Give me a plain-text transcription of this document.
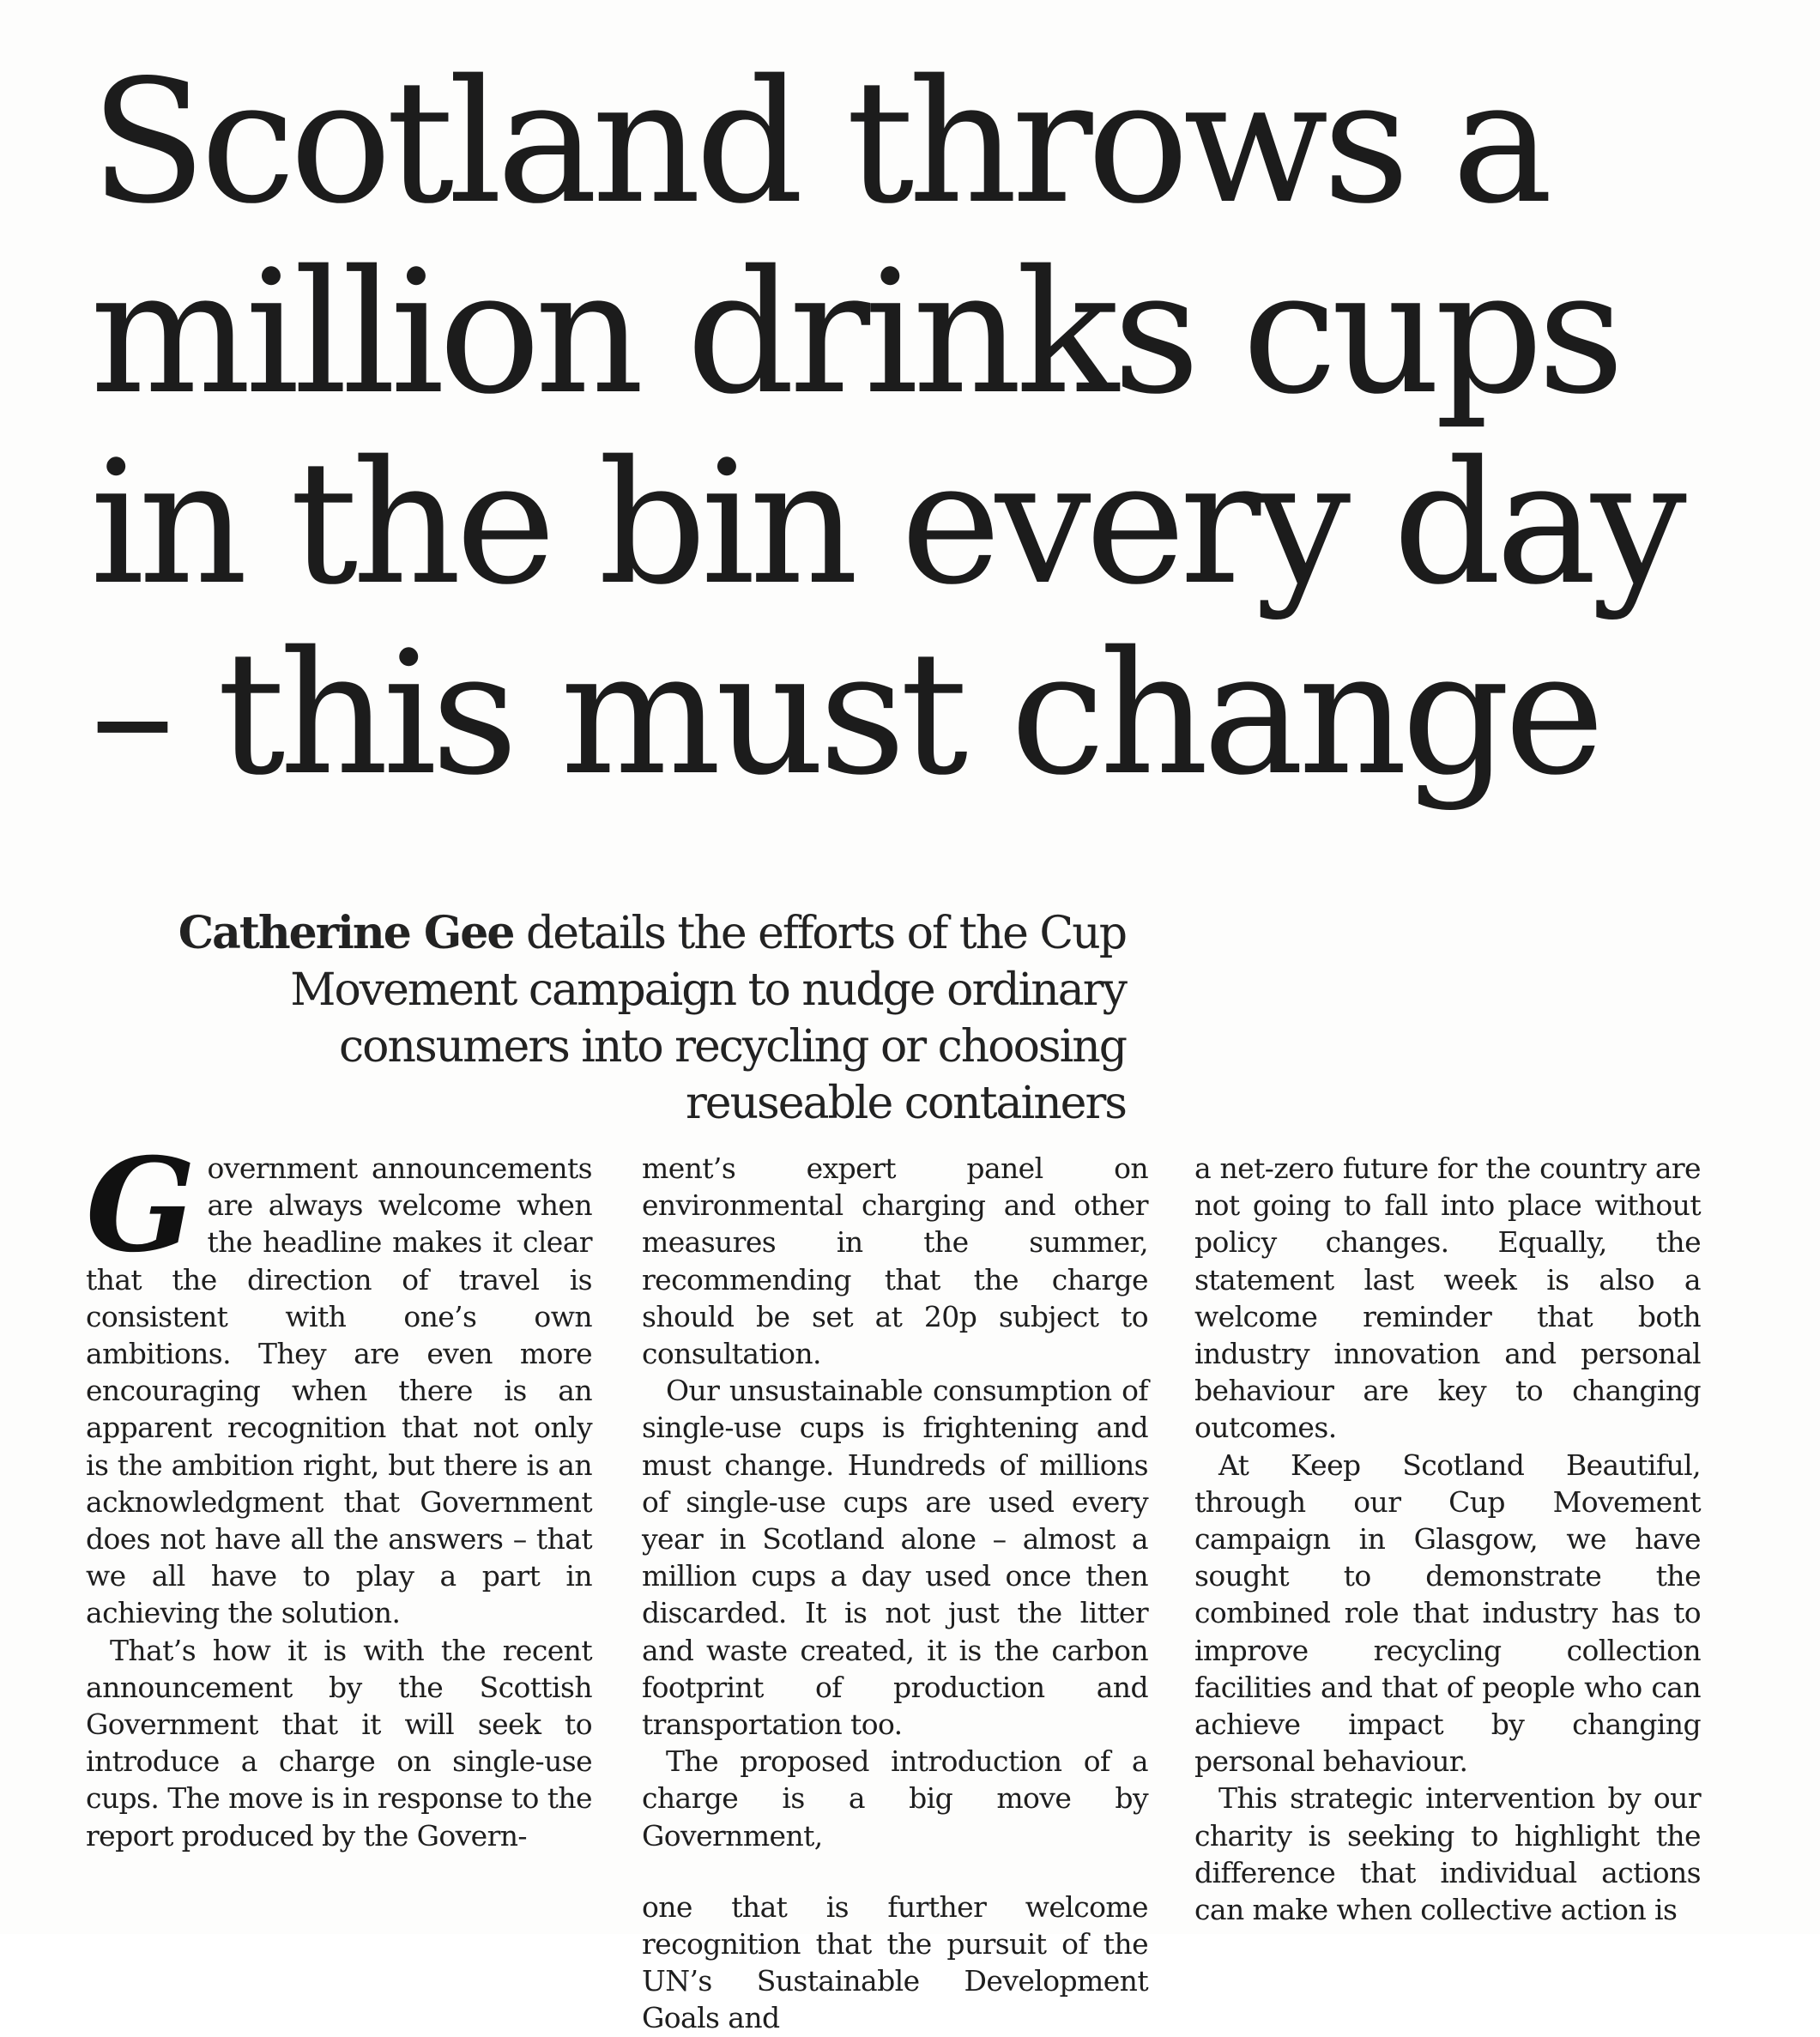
Scotland throws a
million drinks cups
in the bin every day
– this must change
Catherine Gee details the efforts of the Cup Movement campaign to nudge ordinary consumers into recycling or choosing reuseable containers
G overnment announcements are always welcome when the headline makes it clear that the direction of travel is consistent with one’s own ambitions. They are even more encouraging when there is an apparent recognition that not only is the ambition right, but there is an acknowledgment that Government does not have all the answers – that we all have to play a part in achieving the solution.

That’s how it is with the recent announcement by the Scottish Government that it will seek to introduce a charge on single-use cups. The move is in response to the report produced by the Govern-

ment’s expert panel on environmental charging and other measures in the summer, recommending that the charge should be set at 20p subject to consultation.

Our unsustainable consumption of single-use cups is frightening and must change. Hundreds of millions of single-use cups are used every year in Scotland alone – almost a million cups a day used once then discarded. It is not just the litter and waste created, it is the carbon footprint of production and transportation too.

The proposed introduction of a charge is a big move by Government,

one that is further welcome recognition that the pursuit of the UN’s Sustainable Development Goals and

a net-zero future for the country are not going to fall into place without policy changes. Equally, the statement last week is also a welcome reminder that both industry innovation and personal behaviour are key to changing outcomes.

At Keep Scotland Beautiful, through our Cup Movement campaign in Glasgow, we have sought to demonstrate the combined role that industry has to improve recycling collection facilities and that of people who can achieve impact by changing personal behaviour.

This strategic intervention by our charity is seeking to highlight the difference that individual actions can make when collective action is
